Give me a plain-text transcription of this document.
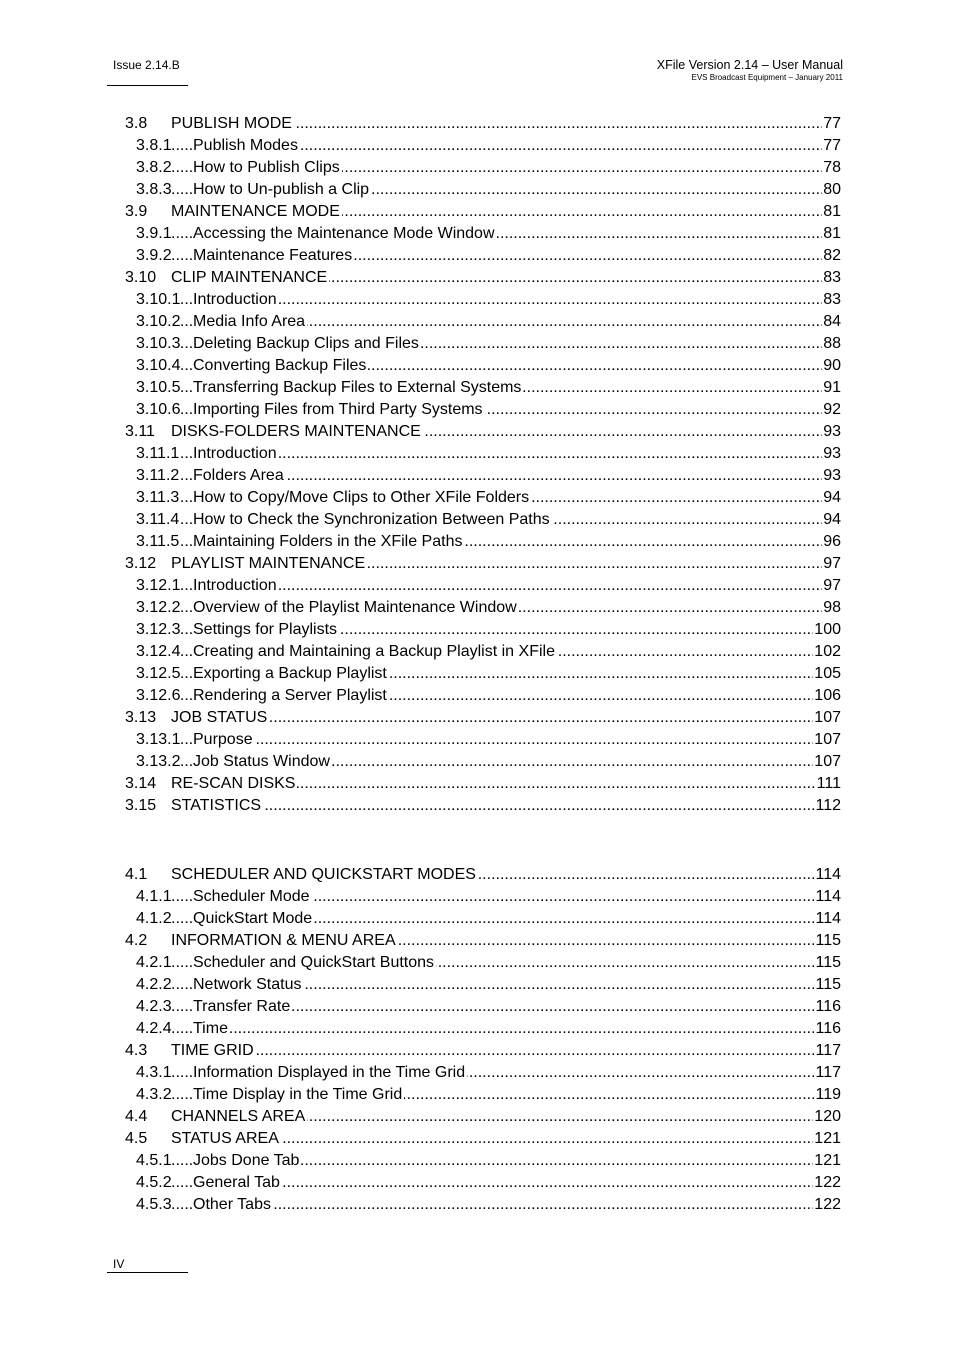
Issue 2.14.B	XFile Version 2.14 – User Manual
EVS Broadcast Equipment – January 2011
.....
3.8 PUBLISH MODE	77
.....
3.8.1 Publish Modes	77
.....
3.8.2 How to Publish Clips	78
.....
3.8.3 How to Un-publish a Clip	80
.....
3.9 MAINTENANCE MODE	81
.....
3.9.1 Accessing the Maintenance Mode Window	81
.....
3.9.2 Maintenance Features	82
.....
3.10 CLIP MAINTENANCE	83
.....
3.10.1 Introduction	83
.....
3.10.2 Media Info Area	84
.....
3.10.3 Deleting Backup Clips and Files	88
.....
3.10.4 Converting Backup Files	90
.....
3.10.5 Transferring Backup Files to External Systems	91
.....
3.10.6 Importing Files from Third Party Systems	92
.....
3.11 DISKS-FOLDERS MAINTENANCE	93
.....
3.11.1 Introduction	93
.....
3.11.2 Folders Area	93
.....
3.11.3 How to Copy/Move Clips to Other XFile Folders	94
.....
3.11.4 How to Check the Synchronization Between Paths	94
.....
3.11.5 Maintaining Folders in the XFile Paths	96
.....
3.12 PLAYLIST MAINTENANCE	97
.....
3.12.1 Introduction	97
.....
3.12.2 Overview of the Playlist Maintenance Window	98
.....
3.12.3 Settings for Playlists	100
.....
3.12.4 Creating and Maintaining a Backup Playlist in XFile	102
.....
3.12.5 Exporting a Backup Playlist	105
.....
3.12.6 Rendering a Server Playlist	106
.....
3.13 JOB STATUS	107
.....
3.13.1 Purpose	107
.....
3.13.2 Job Status Window	107
.....
3.14 RE-SCAN DISKS	111
.....
3.15 STATISTICS	112
.....
4.1 SCHEDULER AND QUICKSTART MODES	114
.....
4.1.1 Scheduler Mode	114
.....
4.1.2 QuickStart Mode	114
.....
4.2 INFORMATION & MENU AREA	115
.....
4.2.1 Scheduler and QuickStart Buttons	115
.....
4.2.2 Network Status	115
.....
4.2.3 Transfer Rate	116
.....
4.2.4 Time	116
.....
4.3 TIME GRID	117
.....
4.3.1 Information Displayed in the Time Grid	117
.....
4.3.2 Time Display in the Time Grid	119
.....
4.4 CHANNELS AREA	120
.....
4.5 STATUS AREA	121
.....
4.5.1 Jobs Done Tab	121
.....
4.5.2 General Tab	122
.....
4.5.3 Other Tabs	122
IV
